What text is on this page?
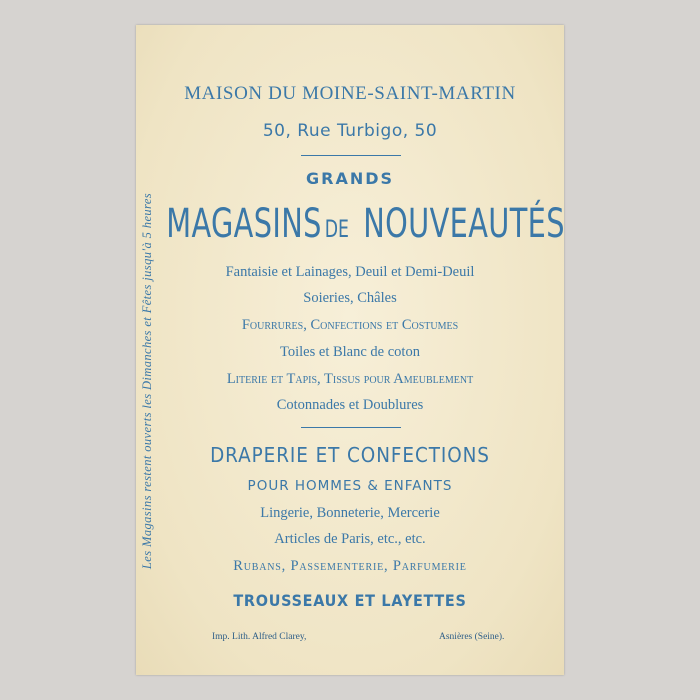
Les Magasins restent ouverts les Dimanches et Fêtes jusqu'à 5 heures
MAISON DU MOINE-SAINT-MARTIN
50, Rue Turbigo, 50
GRANDS
MAGASINS DE NOUVEAUTÉS
Fantaisie et Lainages, Deuil et Demi-Deuil
Soieries, Châles
Fourrures, Confections et Costumes
Toiles et Blanc de coton
Literie et Tapis, Tissus pour Ameublement
Cotonnades et Doublures
DRAPERIE ET CONFECTIONS
POUR HOMMES & ENFANTS
Lingerie, Bonneterie, Mercerie
Articles de Paris, etc., etc.
Rubans, Passementerie, Parfumerie
TROUSSEAUX ET LAYETTES
Imp. Lith. Alfred Clarey,	Asnières (Seine).
